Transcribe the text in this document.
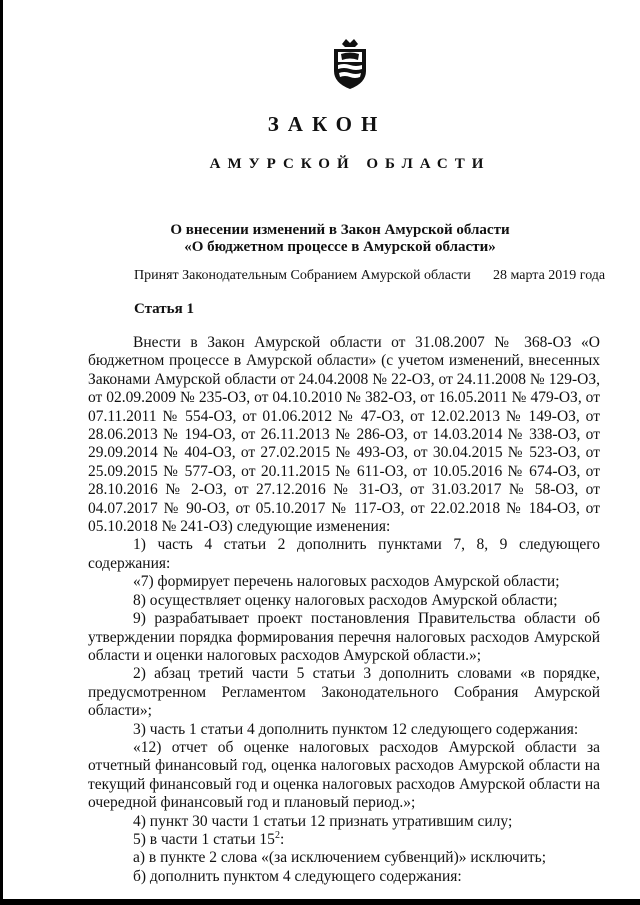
ЗАКОН
АМУРСКОЙ ОБЛАСТИ
О внесении изменений в Закон Амурской области
«О бюджетном процессе в Амурской области»
Принят Законодательным Собранием Амурской области 28 марта 2019 года
Статья 1

Внести в Закон Амурской области от 31.08.2007 № 368-ОЗ «О бюджетном процессе в Амурской области» (с учетом изменений, внесенных Законами Амурской области от 24.04.2008 № 22-ОЗ, от 24.11.2008 № 129-ОЗ, от 02.09.2009 № 235-ОЗ, от 04.10.2010 № 382-ОЗ, от 16.05.2011 № 479-ОЗ, от 07.11.2011 № 554-ОЗ, от 01.06.2012 № 47-ОЗ, от 12.02.2013 № 149-ОЗ, от 28.06.2013 № 194-ОЗ, от 26.11.2013 № 286-ОЗ, от 14.03.2014 № 338-ОЗ, от 29.09.2014 № 404-ОЗ, от 27.02.2015 № 493-ОЗ, от 30.04.2015 № 523-ОЗ, от 25.09.2015 № 577-ОЗ, от 20.11.2015 № 611-ОЗ, от 10.05.2016 № 674-ОЗ, от 28.10.2016 № 2-ОЗ, от 27.12.2016 № 31-ОЗ, от 31.03.2017 № 58-ОЗ, от 04.07.2017 № 90-ОЗ, от 05.10.2017 № 117-ОЗ, от 22.02.2018 № 184-ОЗ, от 05.10.2018 № 241-ОЗ) следующие изменения:

1) часть 4 статьи 2 дополнить пунктами 7, 8, 9 следующего содержания:

«7) формирует перечень налоговых расходов Амурской области;

8) осуществляет оценку налоговых расходов Амурской области;

9) разрабатывает проект постановления Правительства области об утверждении порядка формирования перечня налоговых расходов Амурской области и оценки налоговых расходов Амурской области.»;

2) абзац третий части 5 статьи 3 дополнить словами «в порядке, предусмотренном Регламентом Законодательного Собрания Амурской области»;

3) часть 1 статьи 4 дополнить пунктом 12 следующего содержания:

«12) отчет об оценке налоговых расходов Амурской области за отчетный финансовый год, оценка налоговых расходов Амурской области на текущий финансовый год и оценка налоговых расходов Амурской области на очередной финансовый год и плановый период.»;

4) пункт 30 части 1 статьи 12 признать утратившим силу;

5) в части 1 статьи $15^2$:

а) в пункте 2 слова «(за исключением субвенций)» исключить;

б) дополнить пунктом 4 следующего содержания:
